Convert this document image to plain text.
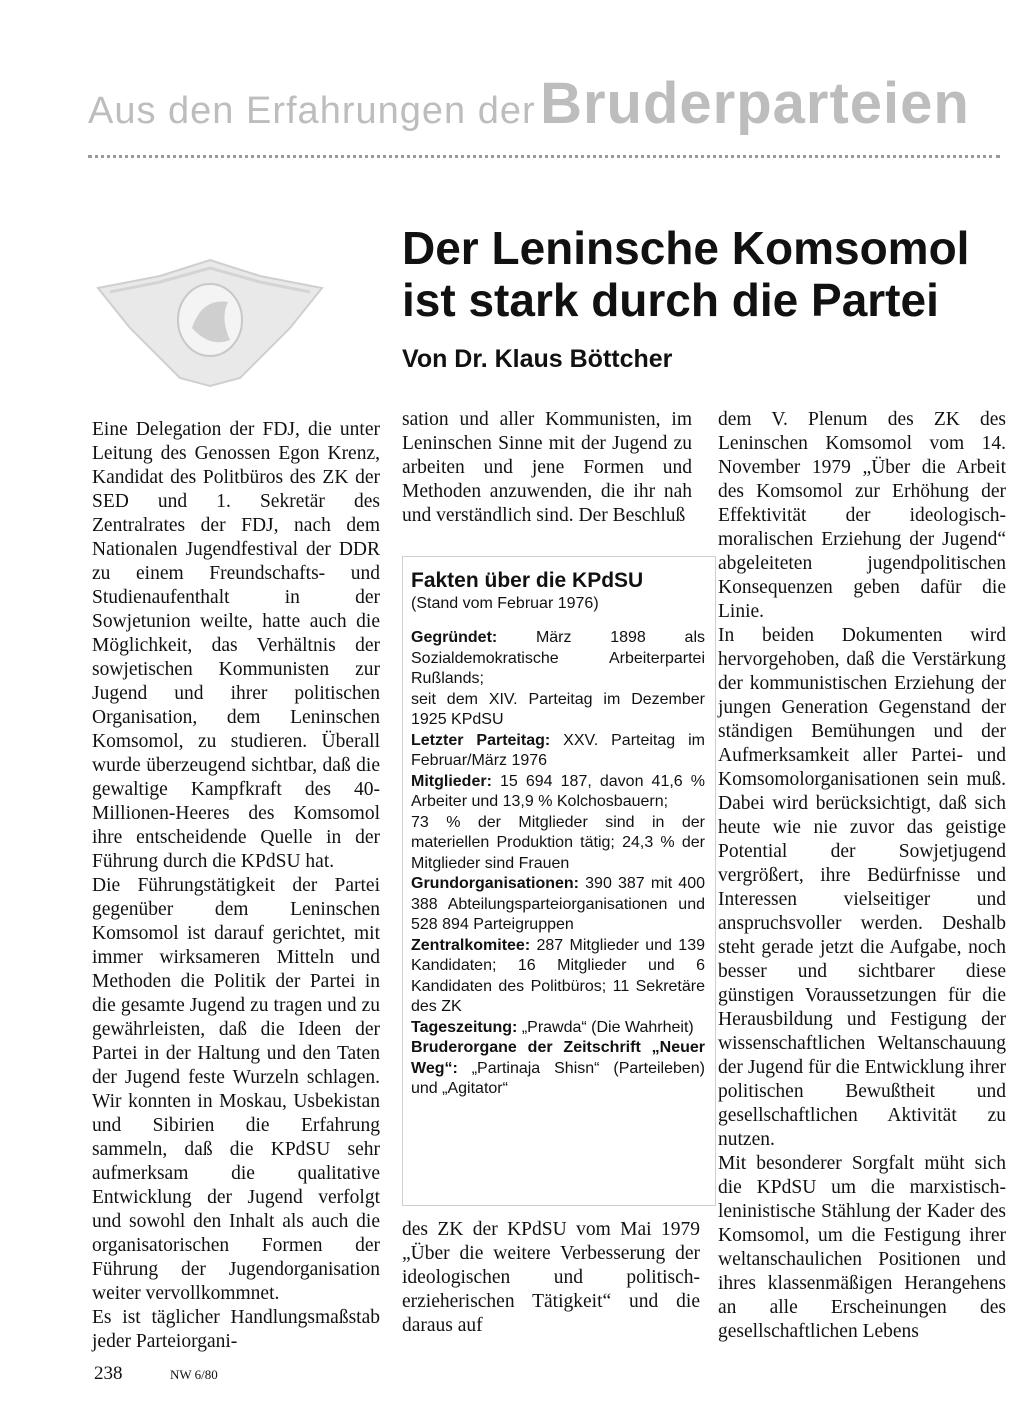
Aus den Erfahrungen der Bruderparteien
Der Leninsche Komsomol
ist stark durch die Partei
Von Dr. Klaus Böttcher

Eine Delegation der FDJ, die unter Leitung des Genossen Egon Krenz, Kandidat des Politbüros des ZK der SED und 1. Sekretär des Zentralrates der FDJ, nach dem Nationalen Jugendfestival der DDR zu einem Freundschafts- und Studienaufenthalt in der Sowjetunion weilte, hatte auch die Möglichkeit, das Verhältnis der sowjetischen Kommunisten zur Jugend und ihrer politischen Organisation, dem Leninschen Komsomol, zu studieren. Überall wurde überzeugend sichtbar, daß die gewaltige Kampfkraft des 40-Millionen-Heeres des Komsomol ihre entscheidende Quelle in der Führung durch die KPdSU hat.

Die Führungstätigkeit der Partei gegenüber dem Leninschen Komsomol ist darauf gerichtet, mit immer wirksameren Mitteln und Methoden die Politik der Partei in die gesamte Jugend zu tragen und zu gewährleisten, daß die Ideen der Partei in der Haltung und den Taten der Jugend feste Wurzeln schlagen. Wir konnten in Moskau, Usbekistan und Sibirien die Erfahrung sammeln, daß die KPdSU sehr aufmerksam die qualitative Entwicklung der Jugend verfolgt und sowohl den Inhalt als auch die organisatorischen Formen der Führung der Jugendorganisation weiter vervollkommnet.

Es ist täglicher Handlungsmaßstab jeder Parteiorgani-

sation und aller Kommunisten, im Leninschen Sinne mit der Jugend zu arbeiten und jene Formen und Methoden anzuwenden, die ihr nah und verständlich sind. Der Beschluß

Fakten über die KPdSU
(Stand vom Februar 1976)
Gegründet: März 1898 als Sozialdemokratische Arbeiterpartei Rußlands;
seit dem XIV. Parteitag im Dezember 1925 KPdSU
Letzter Parteitag: XXV. Parteitag im Februar/März 1976
Mitglieder: 15 694 187, davon 41,6 % Arbeiter und 13,9 % Kolchosbauern;
73 % der Mitglieder sind in der materiellen Produktion tätig; 24,3 % der Mitglieder sind Frauen
Grundorganisationen: 390 387 mit 400 388 Abteilungsparteiorganisationen und 528 894 Parteigruppen
Zentralkomitee: 287 Mitglieder und 139 Kandidaten; 16 Mitglieder und 6 Kandidaten des Politbüros; 11 Sekretäre des ZK
Tageszeitung: „Prawda“ (Die Wahrheit)
Bruderorgane der Zeitschrift „Neuer Weg“: „Partinaja Shisn“ (Parteileben) und „Agitator“

des ZK der KPdSU vom Mai 1979 „Über die weitere Verbesserung der ideologischen und politisch-erzieherischen Tätigkeit“ und die daraus auf

dem V. Plenum des ZK des Leninschen Komsomol vom 14. November 1979 „Über die Arbeit des Komsomol zur Erhöhung der Effektivität der ideologisch-moralischen Erziehung der Jugend“ abgeleiteten jugendpolitischen Konsequenzen geben dafür die Linie.

In beiden Dokumenten wird hervorgehoben, daß die Verstärkung der kommunistischen Erziehung der jungen Generation Gegenstand der ständigen Bemühungen und der Aufmerksamkeit aller Partei- und Komsomolorganisationen sein muß. Dabei wird berücksichtigt, daß sich heute wie nie zuvor das geistige Potential der Sowjetjugend vergrößert, ihre Bedürfnisse und Interessen vielseitiger und anspruchsvoller werden. Deshalb steht gerade jetzt die Aufgabe, noch besser und sichtbarer diese günstigen Voraussetzungen für die Herausbildung und Festigung der wissenschaftlichen Weltanschauung der Jugend für die Entwicklung ihrer politischen Bewußtheit und gesellschaftlichen Aktivität zu nutzen.

Mit besonderer Sorgfalt müht sich die KPdSU um die marxistisch-leninistische Stählung der Kader des Komsomol, um die Festigung ihrer weltanschaulichen Positionen und ihres klassenmäßigen Herangehens an alle Erscheinungen des gesellschaftlichen Lebens

238	NW 6/80
